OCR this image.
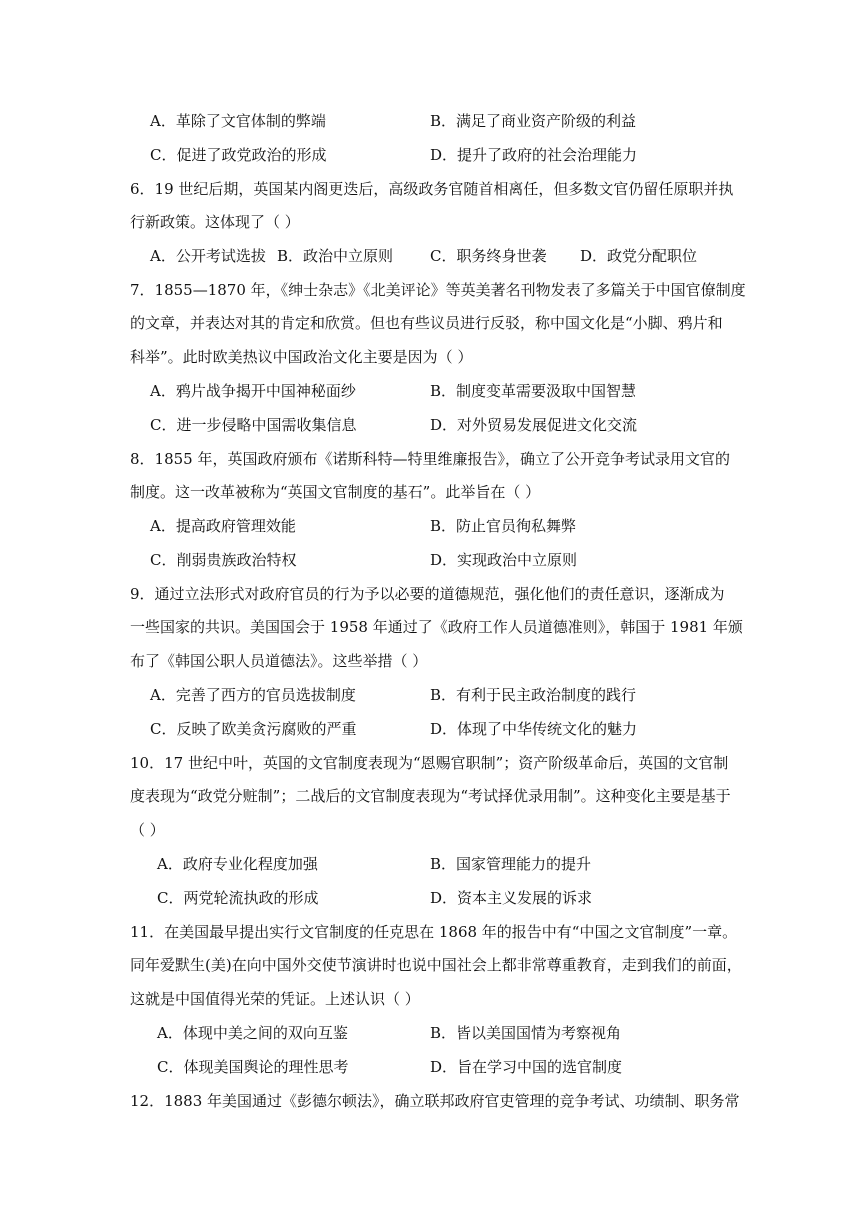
A．革除了文官体制的弊端	B．满足了商业资产阶级的利益
C．促进了政党政治的形成	D．提升了政府的社会治理能力
6．19 世纪后期，英国某内阁更迭后，高级政务官随首相离任，但多数文官仍留任原职并执
行新政策。这体现了（ ）
A．公开考试选拔 B．政治中立原则 C．职务终身世袭 D．政党分配职位
7．1855—1870 年，《绅士杂志》《北美评论》等英美著名刊物发表了多篇关于中国官僚制度
的文章，并表达对其的肯定和欣赏。但也有些议员进行反驳，称中国文化是“小脚、鸦片和
科举”。此时欧美热议中国政治文化主要是因为（ ）
A．鸦片战争揭开中国神秘面纱	B．制度变革需要汲取中国智慧
C．进一步侵略中国需收集信息	D．对外贸易发展促进文化交流
8．1855 年，英国政府颁布《诺斯科特—特里维廉报告》，确立了公开竞争考试录用文官的
制度。这一改革被称为“英国文官制度的基石”。此举旨在（ ）
A．提高政府管理效能	B．防止官员徇私舞弊
C．削弱贵族政治特权	D．实现政治中立原则
9．通过立法形式对政府官员的行为予以必要的道德规范，强化他们的责任意识，逐渐成为
一些国家的共识。美国国会于 1958 年通过了《政府工作人员道德准则》，韩国于 1981 年颁
布了《韩国公职人员道德法》。这些举措（ ）
A．完善了西方的官员选拔制度	B．有利于民主政治制度的践行
C．反映了欧美贪污腐败的严重	D．体现了中华传统文化的魅力
10．17 世纪中叶，英国的文官制度表现为“恩赐官职制”；资产阶级革命后，英国的文官制
度表现为“政党分赃制”；二战后的文官制度表现为“考试择优录用制”。这种变化主要是基于
（ ）
A．政府专业化程度加强	B．国家管理能力的提升
C．两党轮流执政的形成	D．资本主义发展的诉求
11．在美国最早提出实行文官制度的任克思在 1868 年的报告中有“中国之文官制度”一章。
同年爱默生(美)在向中国外交使节演讲时也说中国社会上都非常尊重教育，走到我们的前面，
这就是中国值得光荣的凭证。上述认识（ ）
A．体现中美之间的双向互鉴	B．皆以美国国情为考察视角
C．体现美国舆论的理性思考	D．旨在学习中国的选官制度
12．1883 年美国通过《彭德尔顿法》，确立联邦政府官吏管理的竞争考试、功绩制、职务常
